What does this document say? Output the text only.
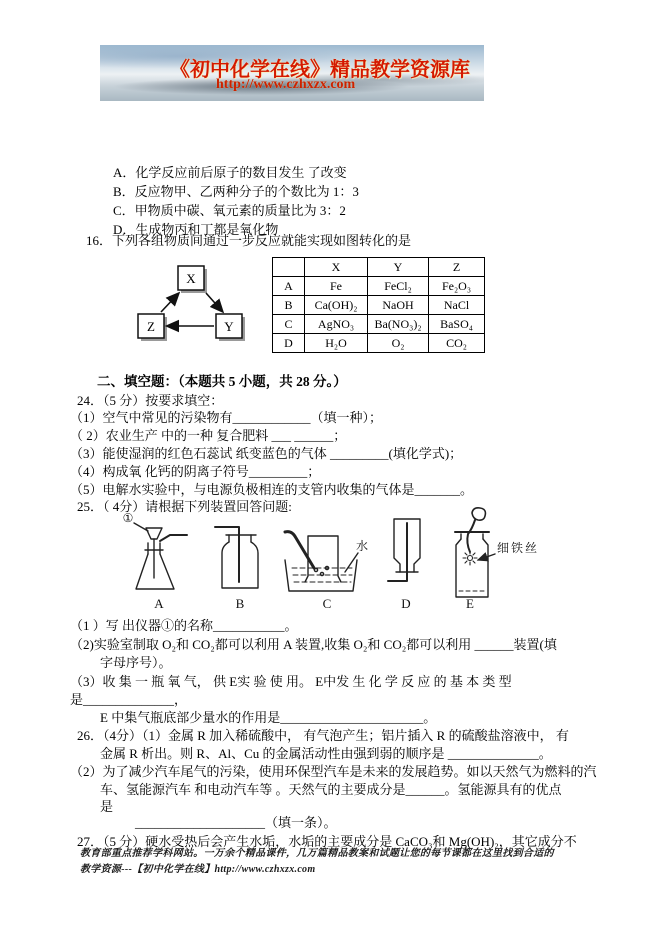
《初中化学在线》精品教学资源库
http://www.czhxzx.com
A．化学反应前后原子的数目发生 了改变
B．反应物甲、乙两种分子的个数比为 1：3
C．甲物质中碳、氧元素的质量比为 3：2
D．生成物丙和丁都是氧化物
16．下列各组物质间通过一步反应就能实现如图转化的是
X
Z	Y
	X	Y	Z
A	Fe	FeCl₂	Fe₂O₃
B	Ca(OH)₂	NaOH	NaCl
C	AgNO₃	Ba(NO₃)₂	BaSO₄
D	H₂O	O₂	CO₂
二、填空题：（本题共 5 小题，共 28 分。）
24．（5 分）按要求填空：
（1）空气中常见的污染物有____________（填一种）；
（ 2）农业生产 中的一种 复合肥料 ___ ______；
（3）能使湿润的红色石蕊试 纸变蓝色的气体 _________(填化学式)；
（4）构成氧 化钙的阴离子符号_________；
（5）电解水实验中，与电源负极相连的支管内收集的气体是_______。
25．（ 4分）请根据下列装置回答问题:
①
水	细铁丝
A	B	C	D	E
（1 ）写 出仪器①的名称___________。
（2)实验室制取 O₂和 CO₂都可以利用 A 装置,收集 O₂和 CO₂都可以利用 ______装置(填
字母序号）。
（3）收 集 一 瓶 氧 气， 供 E实 验 使 用。 E中发 生 化 学 反 应 的 基 本 类 型
是______________，
E 中集气瓶底部少量水的作用是______________________。
26．（4分）（1）金属 R 加入稀硫酸中， 有气泡产生；铝片插入 R 的硫酸盐溶液中， 有
金属 R 析出。则 R、Al、Cu 的金属活动性由强到弱的顺序是 ______________。
（2）为了减少汽车尾气的污染，使用环保型汽车是未来的发展趋势。如以天然气为燃料的汽
车、氢能源汽车 和电动汽车等 。天然气的主要成分是______。氢能源具有的优点
是
____________________（填一条）。
27．（5 分）硬水受热后会产生水垢，水垢的主要成分是 CaCO₃和 Mg(OH)₂，其它成分不
教育部重点推荐学科网站。一万余个精品课件，几万篇精品教案和试题让您的每节课都在这里找到合适的
教学资源---【初中化学在线】http://www.czhxzx.com
